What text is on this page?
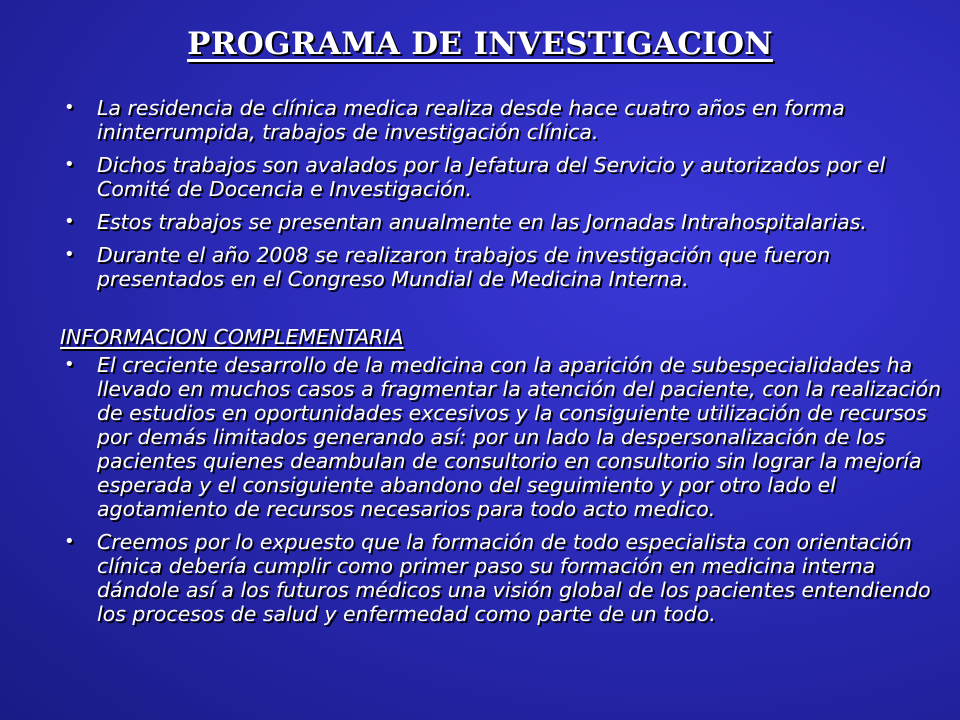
PROGRAMA DE INVESTIGACION
• La residencia de clínica medica realiza desde hace cuatro años en forma ininterrumpida, trabajos de investigación clínica.
• Dichos trabajos son avalados por la Jefatura del Servicio y autorizados por el Comité de Docencia e Investigación.
• Estos trabajos se presentan anualmente en las Jornadas Intrahospitalarias.
• Durante el año 2008 se realizaron trabajos de investigación que fueron presentados en el Congreso Mundial de Medicina Interna.
INFORMACION COMPLEMENTARIA
• El creciente desarrollo de la medicina con la aparición de subespecialidades ha llevado en muchos casos a fragmentar la atención del paciente, con la realización de estudios en oportunidades excesivos y la consiguiente utilización de recursos por demás limitados generando así: por un lado la despersonalización de los pacientes quienes deambulan de consultorio en consultorio sin lograr la mejoría esperada y el consiguiente abandono del seguimiento y por otro lado el agotamiento de recursos necesarios para todo acto medico.
• Creemos por lo expuesto que la formación de todo especialista con orientación clínica debería cumplir como primer paso su formación en medicina interna dándole así a los futuros médicos una visión global de los pacientes entendiendo los procesos de salud y enfermedad como parte de un todo.
